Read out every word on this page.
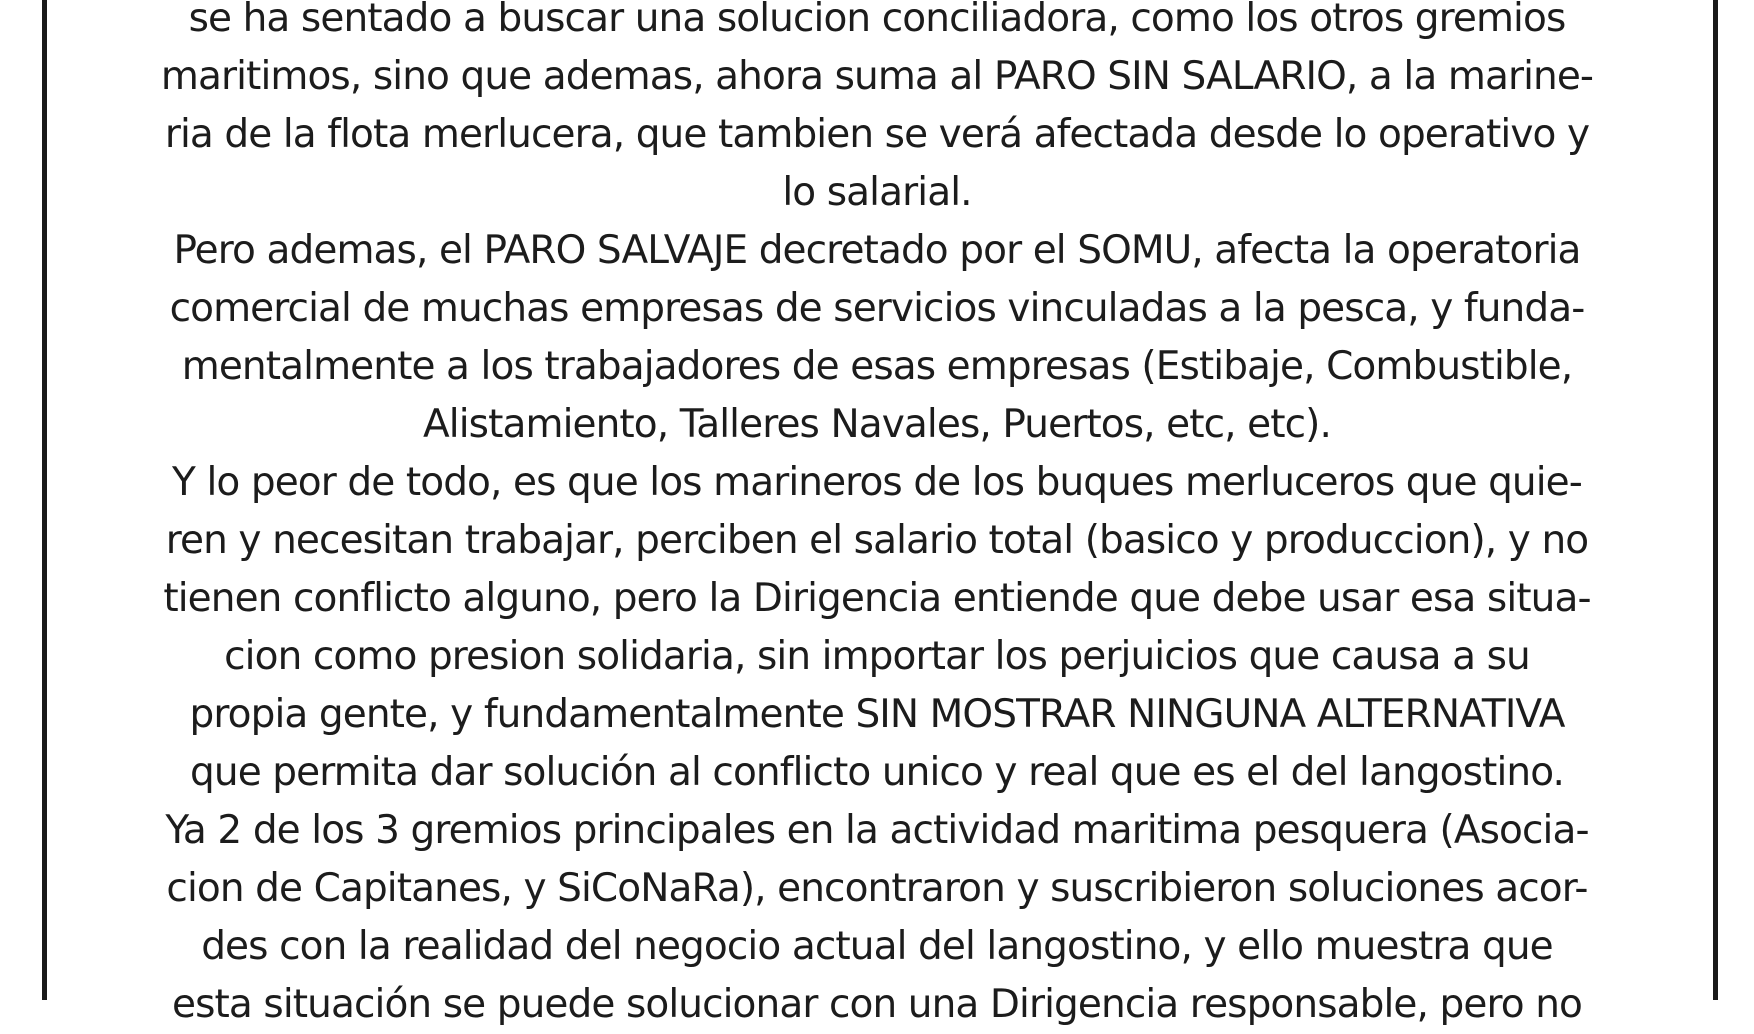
se ha sentado a buscar una solucion conciliadora, como los otros gremios
maritimos, sino que ademas, ahora suma al PARO SIN SALARIO, a la marine-
ria de la flota merlucera, que tambien se verá afectada desde lo operativo y
lo salarial.
Pero ademas, el PARO SALVAJE decretado por el SOMU, afecta la operatoria
comercial de muchas empresas de servicios vinculadas a la pesca, y funda-
mentalmente a los trabajadores de esas empresas (Estibaje, Combustible,
Alistamiento, Talleres Navales, Puertos, etc, etc).
Y lo peor de todo, es que los marineros de los buques merluceros que quie-
ren y necesitan trabajar, perciben el salario total (basico y produccion), y no
tienen conflicto alguno, pero la Dirigencia entiende que debe usar esa situa-
cion como presion solidaria, sin importar los perjuicios que causa a su
propia gente, y fundamentalmente SIN MOSTRAR NINGUNA ALTERNATIVA
que permita dar solución al conflicto unico y real que es el del langostino.
Ya 2 de los 3 gremios principales en la actividad maritima pesquera (Asocia-
cion de Capitanes, y SiCoNaRa), encontraron y suscribieron soluciones acor-
des con la realidad del negocio actual del langostino, y ello muestra que
esta situación se puede solucionar con una Dirigencia responsable, pero no
